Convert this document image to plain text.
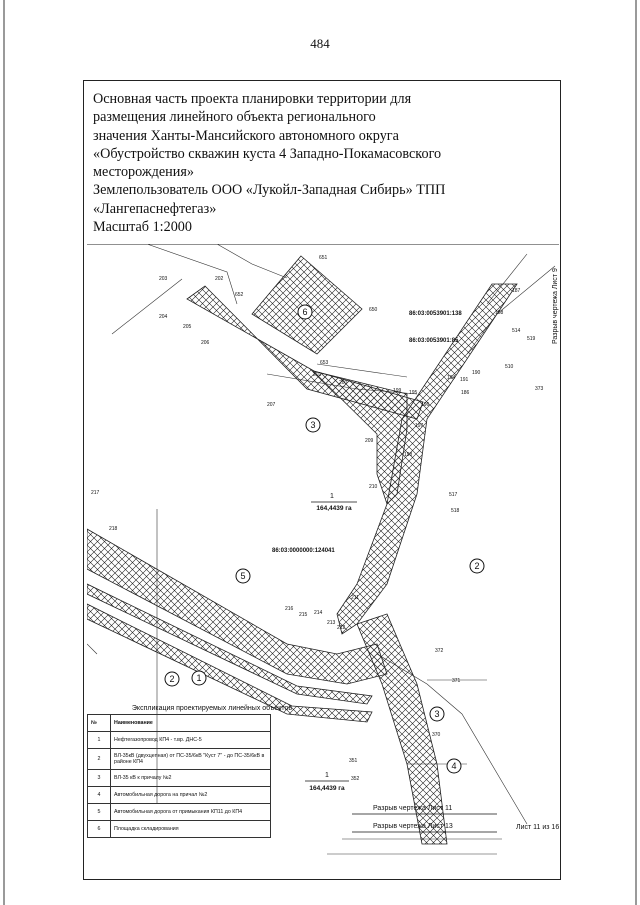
484
Основная часть проекта планировки территории для
размещения линейного объекта регионального
значения Ханты-Мансийского автономного округа
«Обустройство скважин куста 4 Западно-Покамасовского
месторождения»
Землепользователь ООО «Лукойл-Западная Сибирь» ТПП
«Лангепаснефтегаз»
Масштаб 1:2000
6
3
2
5
2 1
3
4
86:03:0053901:138
86:03:0053901:85
86:03:0000000:124041
1
164,4439 га
1
164,4439 га
651
203	202
652
204
205
206
650
653
201
200
207
199 195
196
197
198
209
210
217
216
215 214
213
211
212
218
194 191
190
188
187
186
372
371
370
351
352
373
510
517
518
514
519
Разрыв чертежа Лист 11
Разрыв чертежа Лист 13
Разрыв чертежа Лист 9
Экспликация проектируемых линейных объектов
№	Наименование
1	Нефтегазопровод КП4 - т.вр. ДНС-5
2	ВЛ-35кВ (двухцепная) от ПС-35/6кВ "Куст 7" - до ПС-35/6кВ в районе КП4
3	ВЛ-35 кВ к причалу №2
4	Автомобильная дорога на причал №2
5	Автомобильная дорога от примыкания КП11 до КП4
6	Площадка складирования	Лист 11 из 16
